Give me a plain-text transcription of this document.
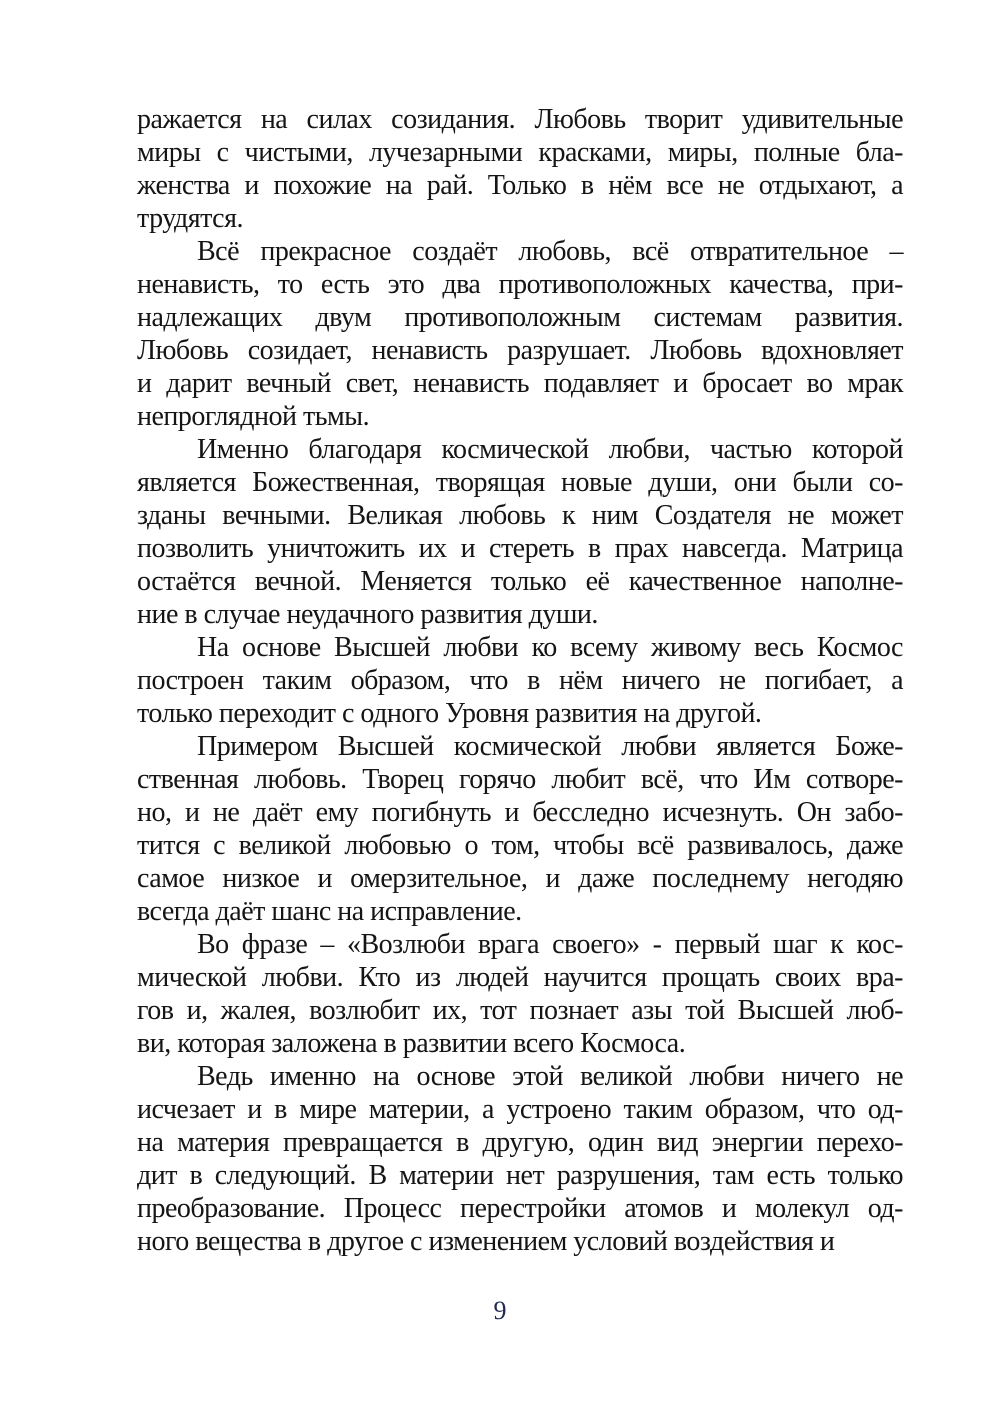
ражается на силах созидания. Любовь творит удивительные
миры с чистыми, лучезарными красками, миры, полные бла-
женства и похожие на рай. Только в нём все не отдыхают, а
трудятся.
Всё прекрасное создаёт любовь, всё отвратительное –
ненависть, то есть это два противоположных качества, при-
надлежащих двум противоположным системам развития.
Любовь созидает, ненависть разрушает. Любовь вдохновляет
и дарит вечный свет, ненависть подавляет и бросает во мрак
непроглядной тьмы.
Именно благодаря космической любви, частью которой
является Божественная, творящая новые души, они были со-
зданы вечными. Великая любовь к ним Создателя не может
позволить уничтожить их и стереть в прах навсегда. Матрица
остаётся вечной. Меняется только её качественное наполне-
ние в случае неудачного развития души.
На основе Высшей любви ко всему живому весь Космос
построен таким образом, что в нём ничего не погибает, а
только переходит с одного Уровня развития на другой.
Примером Высшей космической любви является Боже-
ственная любовь. Творец горячо любит всё, что Им сотворе-
но, и не даёт ему погибнуть и бесследно исчезнуть. Он забо-
тится с великой любовью о том, чтобы всё развивалось, даже
самое низкое и омерзительное, и даже последнему негодяю
всегда даёт шанс на исправление.
Во фразе – «Возлюби врага своего» - первый шаг к кос-
мической любви. Кто из людей научится прощать своих вра-
гов и, жалея, возлюбит их, тот познает азы той Высшей люб-
ви, которая заложена в развитии всего Космоса.
Ведь именно на основе этой великой любви ничего не
исчезает и в мире материи, а устроено таким образом, что од-
на материя превращается в другую, один вид энергии перехо-
дит в следующий. В материи нет разрушения, там есть только
преобразование. Процесс перестройки атомов и молекул од-
ного вещества в другое с изменением условий воздействия и
9
